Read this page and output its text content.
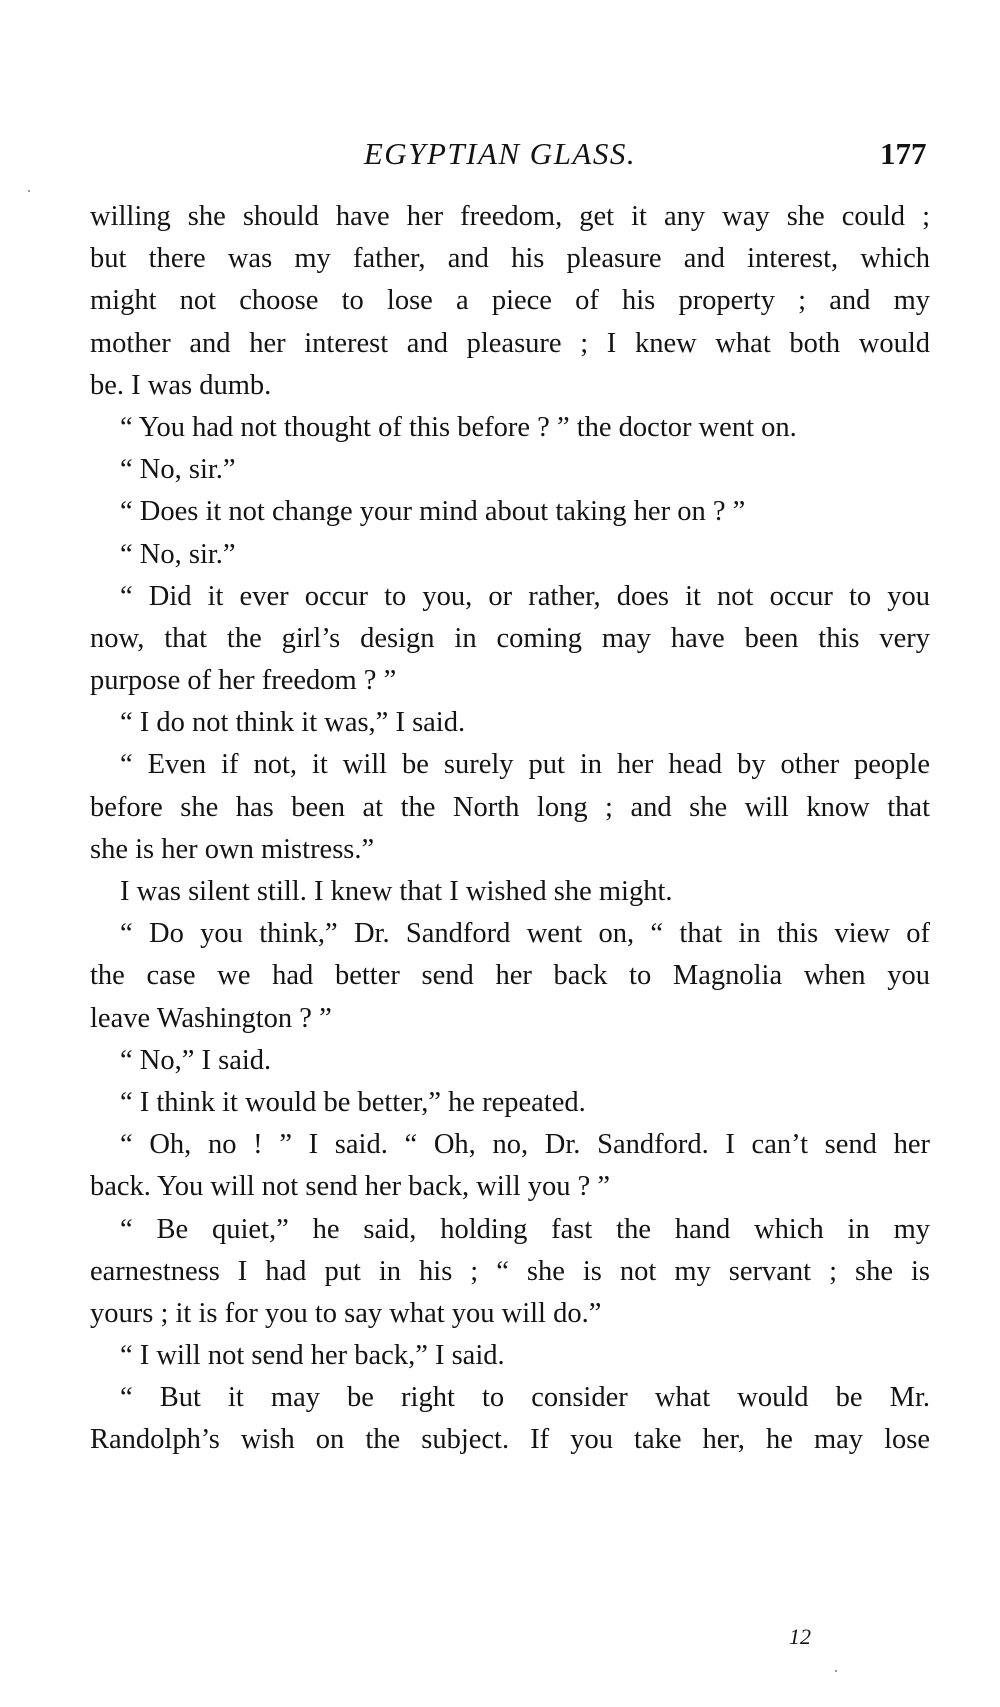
EGYPTIAN GLASS.	177
willing she should have her freedom, get it any way she could ;
but there was my father, and his pleasure and interest, which
might not choose to lose a piece of his property ; and my
mother and her interest and pleasure ; I knew what both would
be. I was dumb.
“ You had not thought of this before ? ” the doctor went on.
“ No, sir.”
“ Does it not change your mind about taking her on ? ”
“ No, sir.”
“ Did it ever occur to you, or rather, does it not occur to you
now, that the girl’s design in coming may have been this very
purpose of her freedom ? ”
“ I do not think it was,” I said.
“ Even if not, it will be surely put in her head by other people
before she has been at the North long ; and she will know that
she is her own mistress.”
I was silent still. I knew that I wished she might.
“ Do you think,” Dr. Sandford went on, “ that in this view of
the case we had better send her back to Magnolia when you
leave Washington ? ”
“ No,” I said.
“ I think it would be better,” he repeated.
“ Oh, no ! ” I said. “ Oh, no, Dr. Sandford. I can’t send her
back. You will not send her back, will you ? ”
“ Be quiet,” he said, holding fast the hand which in my
earnestness I had put in his ; “ she is not my servant ; she is
yours ; it is for you to say what you will do.”
“ I will not send her back,” I said.
“ But it may be right to consider what would be Mr.
Randolph’s wish on the subject. If you take her, he may lose
12
